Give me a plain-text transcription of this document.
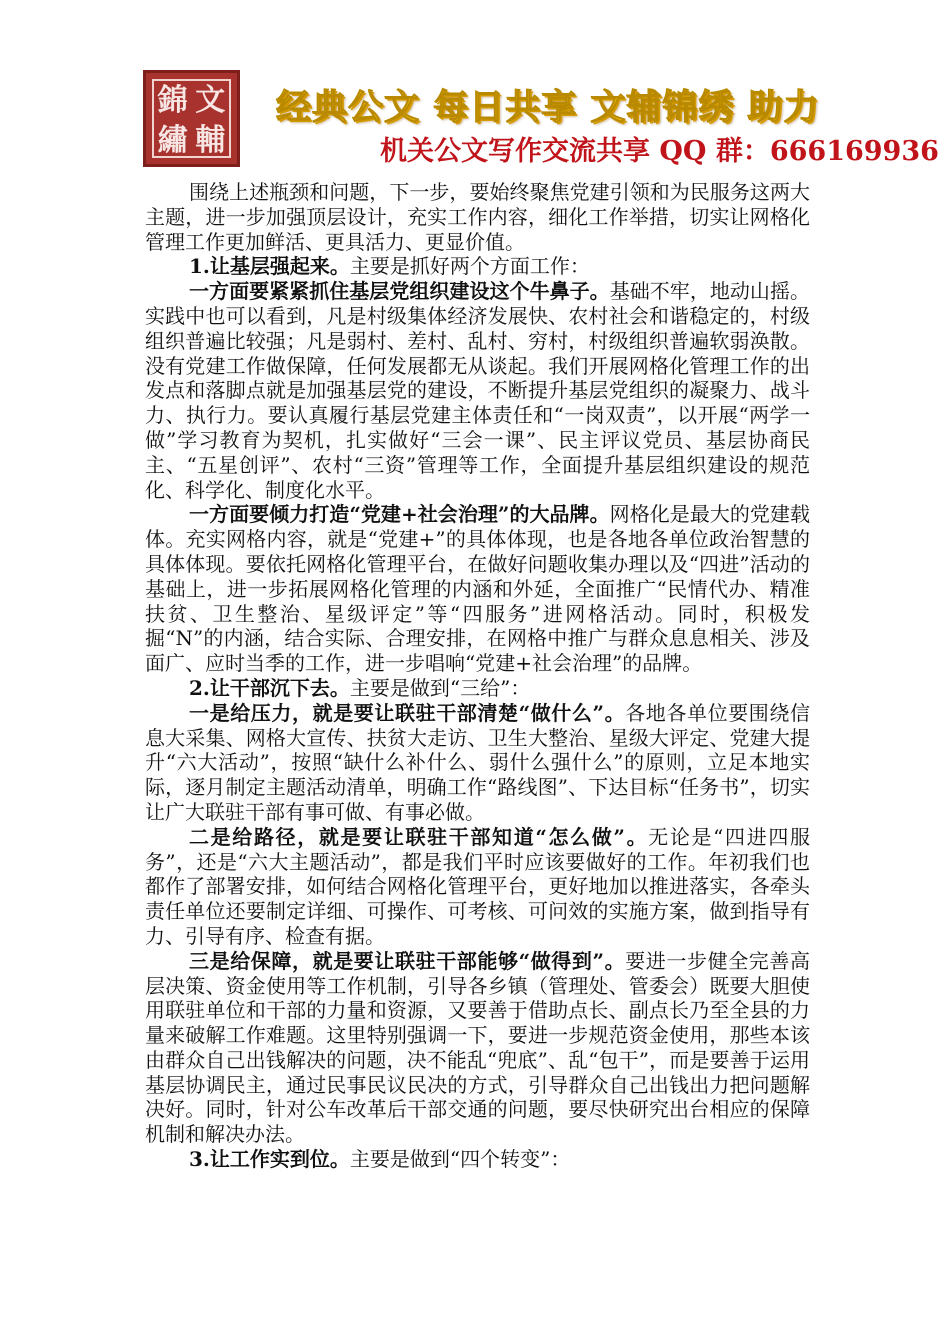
錦 文
繡 輔
经典公文 每日共享 文辅锦绣 助力
机关公文写作交流共享 QQ 群：666169936

围绕上述瓶颈和问题，下一步，要始终聚焦党建引领和为民服务这两大主题，进一步加强顶层设计，充实工作内容，细化工作举措，切实让网格化管理工作更加鲜活、更具活力、更显价值。

1.让基层强起来。主要是抓好两个方面工作：

一方面要紧紧抓住基层党组织建设这个牛鼻子。基础不牢，地动山摇。实践中也可以看到，凡是村级集体经济发展快、农村社会和谐稳定的，村级组织普遍比较强；凡是弱村、差村、乱村、穷村，村级组织普遍软弱涣散。没有党建工作做保障，任何发展都无从谈起。我们开展网格化管理工作的出发点和落脚点就是加强基层党的建设，不断提升基层党组织的凝聚力、战斗力、执行力。要认真履行基层党建主体责任和“一岗双责”，以开展“两学一做”学习教育为契机，扎实做好“三会一课”、民主评议党员、基层协商民主、“五星创评”、农村“三资”管理等工作，全面提升基层组织建设的规范化、科学化、制度化水平。

一方面要倾力打造“党建+社会治理”的大品牌。网格化是最大的党建载体。充实网格内容，就是“党建+”的具体体现，也是各地各单位政治智慧的具体体现。要依托网格化管理平台，在做好问题收集办理以及“四进”活动的基础上，进一步拓展网格化管理的内涵和外延，全面推广“民情代办、精准扶贫、卫生整治、星级评定”等“四服务”进网格活动。同时，积极发掘“N”的内涵，结合实际、合理安排，在网格中推广与群众息息相关、涉及面广、应时当季的工作，进一步唱响“党建+社会治理”的品牌。

2.让干部沉下去。主要是做到“三给”：

一是给压力，就是要让联驻干部清楚“做什么”。各地各单位要围绕信息大采集、网格大宣传、扶贫大走访、卫生大整治、星级大评定、党建大提升“六大活动”，按照“缺什么补什么、弱什么强什么”的原则，立足本地实际，逐月制定主题活动清单，明确工作“路线图”、下达目标“任务书”，切实让广大联驻干部有事可做、有事必做。

二是给路径，就是要让联驻干部知道“怎么做”。无论是“四进四服务”，还是“六大主题活动”，都是我们平时应该要做好的工作。年初我们也都作了部署安排，如何结合网格化管理平台，更好地加以推进落实，各牵头责任单位还要制定详细、可操作、可考核、可问效的实施方案，做到指导有力、引导有序、检查有据。

三是给保障，就是要让联驻干部能够“做得到”。要进一步健全完善高层决策、资金使用等工作机制，引导各乡镇（管理处、管委会）既要大胆使用联驻单位和干部的力量和资源，又要善于借助点长、副点长乃至全县的力量来破解工作难题。这里特别强调一下，要进一步规范资金使用，那些本该由群众自己出钱解决的问题，决不能乱“兜底”、乱“包干”，而是要善于运用基层协调民主，通过民事民议民决的方式，引导群众自己出钱出力把问题解决好。同时，针对公车改革后干部交通的问题，要尽快研究出台相应的保障机制和解决办法。

3.让工作实到位。主要是做到“四个转变”：
